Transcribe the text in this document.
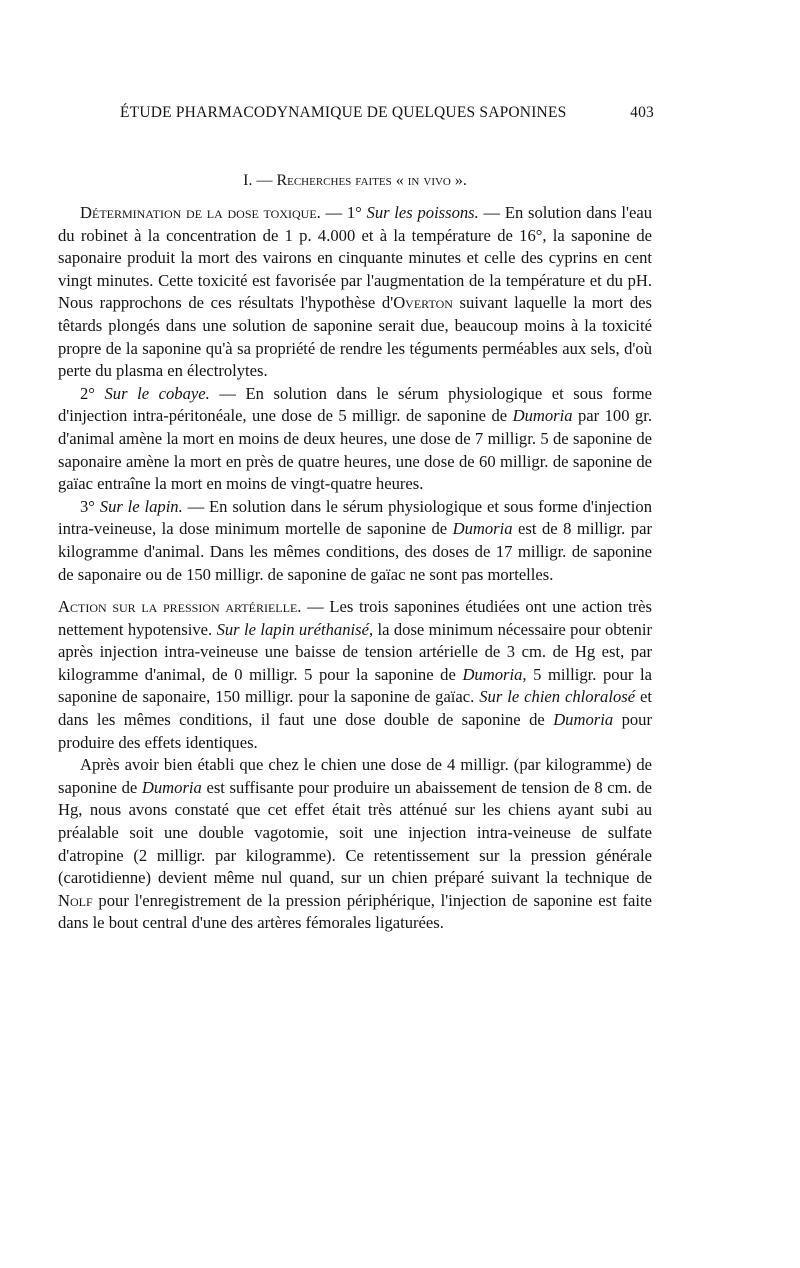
ÉTUDE PHARMACODYNAMIQUE DE QUELQUES SAPONINES	403
I. — Recherches faites « in vivo ».

Détermination de la dose toxique. — 1° Sur les poissons. — En solution dans l'eau du robinet à la concentration de 1 p. 4.000 et à la température de 16°, la saponine de saponaire produit la mort des vairons en cinquante minutes et celle des cyprins en cent vingt minutes. Cette toxicité est favorisée par l'augmentation de la température et du pH. Nous rapprochons de ces résultats l'hypothèse d'Overton suivant laquelle la mort des têtards plongés dans une solution de saponine serait due, beaucoup moins à la toxicité propre de la saponine qu'à sa propriété de rendre les téguments perméables aux sels, d'où perte du plasma en électrolytes.

2° Sur le cobaye. — En solution dans le sérum physiologique et sous forme d'injection intra-péritonéale, une dose de 5 milligr. de saponine de Dumoria par 100 gr. d'animal amène la mort en moins de deux heures, une dose de 7 milligr. 5 de saponine de saponaire amène la mort en près de quatre heures, une dose de 60 milligr. de saponine de gaïac entraîne la mort en moins de vingt-quatre heures.

3° Sur le lapin. — En solution dans le sérum physiologique et sous forme d'injection intra-veineuse, la dose minimum mortelle de saponine de Dumoria est de 8 milligr. par kilogramme d'animal. Dans les mêmes conditions, des doses de 17 milligr. de saponine de saponaire ou de 150 milligr. de saponine de gaïac ne sont pas mortelles.

Action sur la pression artérielle. — Les trois saponines étudiées ont une action très nettement hypotensive. Sur le lapin uréthanisé, la dose minimum nécessaire pour obtenir après injection intra-veineuse une baisse de tension artérielle de 3 cm. de Hg est, par kilogramme d'animal, de 0 milligr. 5 pour la saponine de Dumoria, 5 milligr. pour la saponine de saponaire, 150 milligr. pour la saponine de gaïac. Sur le chien chloralosé et dans les mêmes conditions, il faut une dose double de saponine de Dumoria pour produire des effets identiques.

Après avoir bien établi que chez le chien une dose de 4 milligr. (par kilogramme) de saponine de Dumoria est suffisante pour produire un abaissement de tension de 8 cm. de Hg, nous avons constaté que cet effet était très atténué sur les chiens ayant subi au préalable soit une double vagotomie, soit une injection intra-veineuse de sulfate d'atropine (2 milligr. par kilogramme). Ce retentissement sur la pression générale (carotidienne) devient même nul quand, sur un chien préparé suivant la technique de Nolf pour l'enregistrement de la pression périphérique, l'injection de saponine est faite dans le bout central d'une des artères fémorales ligaturées.
